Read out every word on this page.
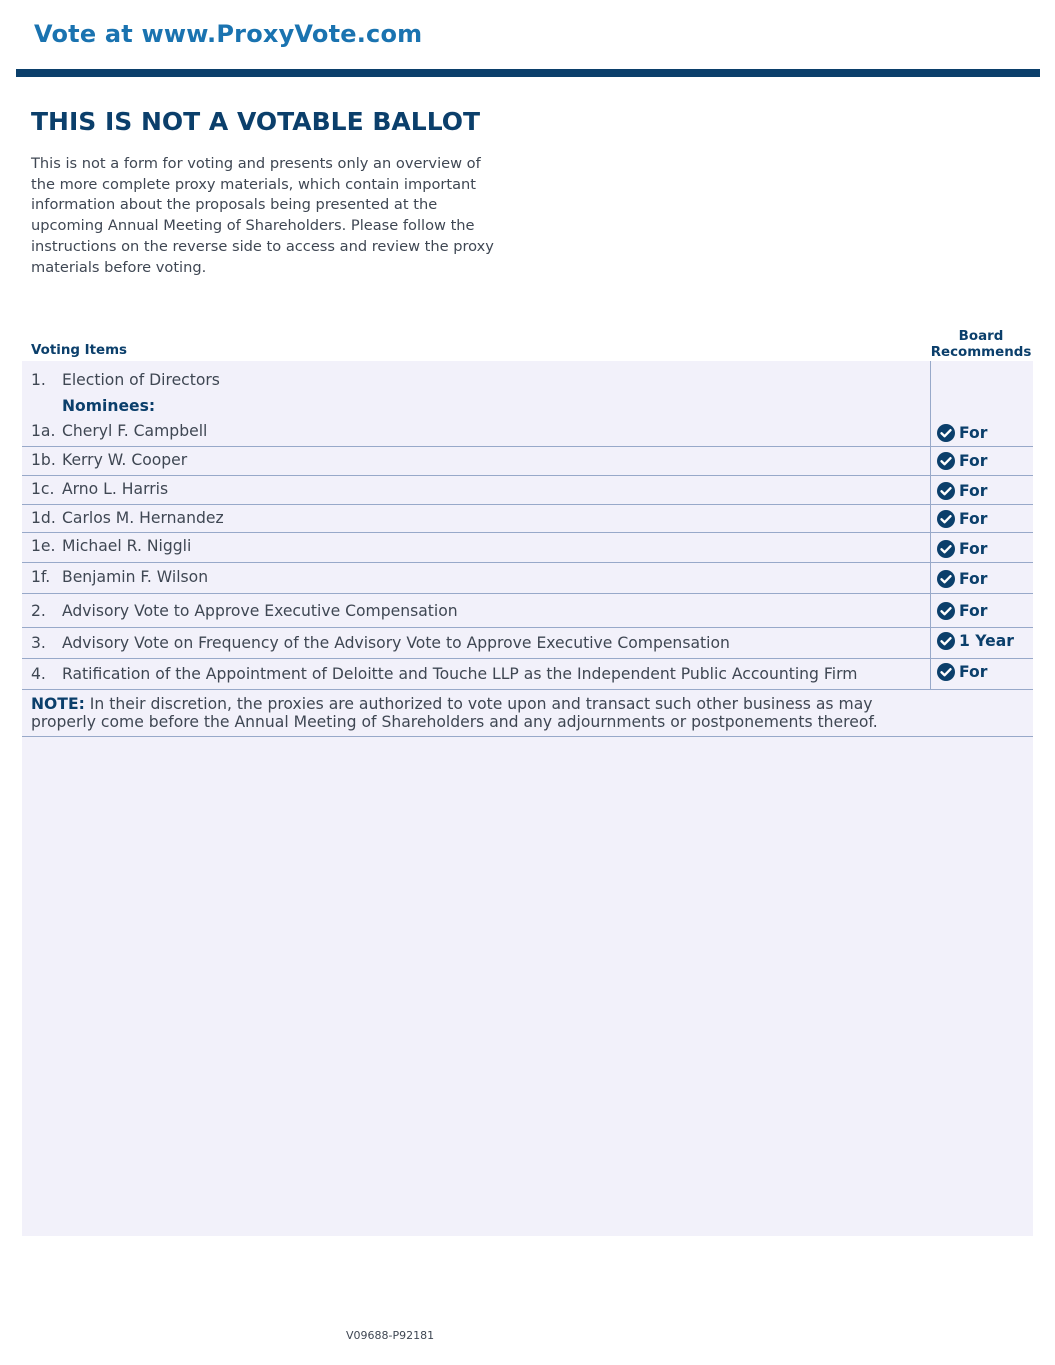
Vote at www.ProxyVote.com
THIS IS NOT A VOTABLE BALLOT
This is not a form for voting and presents only an overview of the more complete proxy materials, which contain important information about the proposals being presented at the upcoming Annual Meeting of Shareholders. Please follow the instructions on the reverse side to access and review the proxy materials before voting.
Voting Items
Board
Recommends
1. Election of Directors
Nominees:
1a. Cheryl F. Campbell	For
1b. Kerry W. Cooper	For
1c. Arno L. Harris	For
1d. Carlos M. Hernandez	For
1e. Michael R. Niggli	For
1f. Benjamin F. Wilson	For
2. Advisory Vote to Approve Executive Compensation	For
3. Advisory Vote on Frequency of the Advisory Vote to Approve Executive Compensation	1 Year
4. Ratification of the Appointment of Deloitte and Touche LLP as the Independent Public Accounting Firm	For
NOTE: In their discretion, the proxies are authorized to vote upon and transact such other business as may properly come before the Annual Meeting of Shareholders and any adjournments or postponements thereof.
V09688-P92181
